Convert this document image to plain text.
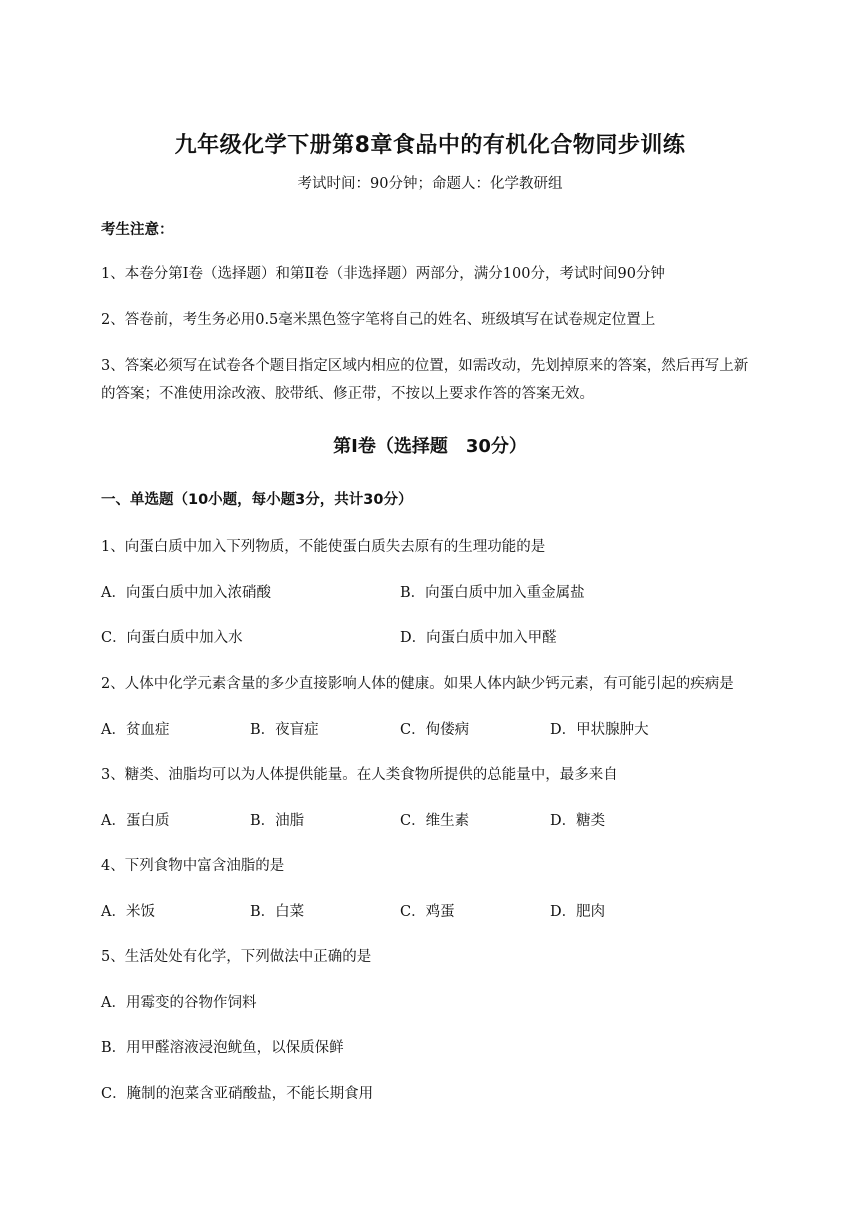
九年级化学下册第8章食品中的有机化合物同步训练
考试时间：90分钟；命题人：化学教研组
考生注意：
1、本卷分第Ⅰ卷（选择题）和第Ⅱ卷（非选择题）两部分，满分100分，考试时间90分钟
2、答卷前，考生务必用0.5毫米黑色签字笔将自己的姓名、班级填写在试卷规定位置上
3、答案必须写在试卷各个题目指定区域内相应的位置，如需改动，先划掉原来的答案，然后再写上新
的答案；不准使用涂改液、胶带纸、修正带，不按以上要求作答的答案无效。
第Ⅰ卷（选择题　30分）
一、单选题（10小题，每小题3分，共计30分）
1、向蛋白质中加入下列物质，不能使蛋白质失去原有的生理功能的是
A．向蛋白质中加入浓硝酸	B．向蛋白质中加入重金属盐
C．向蛋白质中加入水	D．向蛋白质中加入甲醛
2、人体中化学元素含量的多少直接影响人体的健康。如果人体内缺少钙元素，有可能引起的疾病是
A．贫血症	B．夜盲症	C．佝偻病	D．甲状腺肿大
3、糖类、油脂均可以为人体提供能量。在人类食物所提供的总能量中，最多来自
A．蛋白质	B．油脂	C．维生素	D．糖类
4、下列食物中富含油脂的是
A．米饭	B．白菜	C．鸡蛋	D．肥肉
5、生活处处有化学，下列做法中正确的是
A．用霉变的谷物作饲料
B．用甲醛溶液浸泡鱿鱼，以保质保鲜
C．腌制的泡菜含亚硝酸盐，不能长期食用
